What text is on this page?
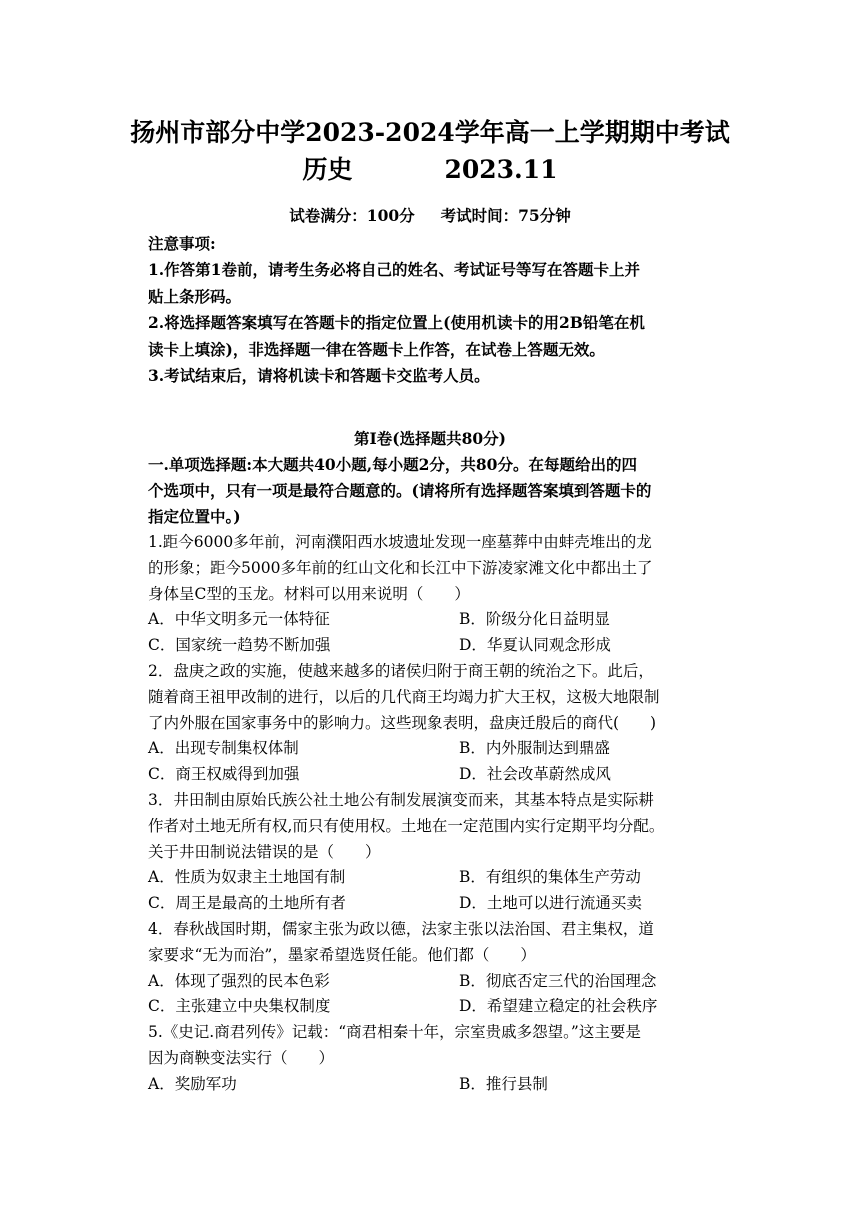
扬州市部分中学2023-2024学年高一上学期期中考试
历史	2023.11
试卷满分：100分 考试时间：75分钟
注意事项:
1.作答第1卷前，请考生务必将自己的姓名、考试证号等写在答题卡上并
贴上条形码。
2.将选择题答案填写在答题卡的指定位置上(使用机读卡的用2B铅笔在机
读卡上填涂)，非选择题一律在答题卡上作答，在试卷上答题无效。
3.考试结束后，请将机读卡和答题卡交监考人员。
第Ⅰ卷(选择题共80分)
一.单项选择题:本大题共40小题,每小题2分，共80分。在每题给出的四
个选项中，只有一项是最符合题意的。(请将所有选择题答案填到答题卡的
指定位置中。)
1.距今6000多年前，河南濮阳西水坡遗址发现一座墓葬中由蚌壳堆出的龙
的形象；距今5000多年前的红山文化和长江中下游凌家滩文化中都出土了
身体呈C型的玉龙。材料可以用来说明（　　）
A．中华文明多元一体特征	B．阶级分化日益明显
C．国家统一趋势不断加强	D．华夏认同观念形成
2．盘庚之政的实施，使越来越多的诸侯归附于商王朝的统治之下。此后，
随着商王祖甲改制的进行，以后的几代商王均竭力扩大王权，这极大地限制
了内外服在国家事务中的影响力。这些现象表明，盘庚迁殷后的商代(　　)
A．出现专制集权体制	B．内外服制达到鼎盛
C．商王权威得到加强	D．社会改革蔚然成风
3．井田制由原始氏族公社土地公有制发展演变而来，其基本特点是实际耕
作者对土地无所有权,而只有使用权。土地在一定范围内实行定期平均分配。
关于井田制说法错误的是（　　）
A．性质为奴隶主土地国有制	B．有组织的集体生产劳动
C．周王是最高的土地所有者	D．土地可以进行流通买卖
4．春秋战国时期，儒家主张为政以德，法家主张以法治国、君主集权，道
家要求“无为而治”，墨家希望选贤任能。他们都（　　）
A．体现了强烈的民本色彩	B．彻底否定三代的治国理念
C．主张建立中央集权制度	D．希望建立稳定的社会秩序
5.《史记.商君列传》记载：“商君相秦十年，宗室贵戚多怨望。”这主要是
因为商鞅变法实行（　　）
A．奖励军功	B．推行县制
